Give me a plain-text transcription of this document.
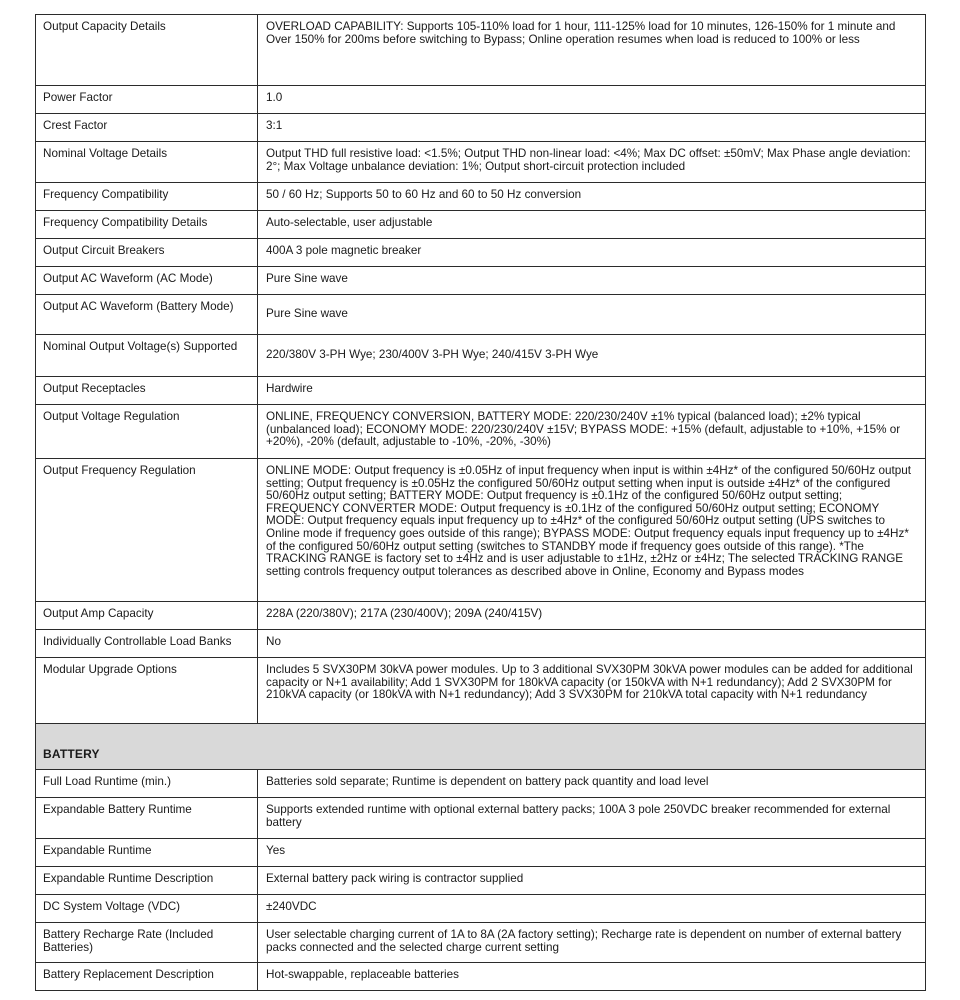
Output Capacity Details	OVERLOAD CAPABILITY: Supports 105-110% load for 1 hour, 111-125% load for 10 minutes, 126-150% for 1 minute and Over 150% for 200ms before switching to Bypass; Online operation resumes when load is reduced to 100% or less
Power Factor	1.0
Crest Factor	3:1
Nominal Voltage Details	Output THD full resistive load: <1.5%; Output THD non-linear load: <4%; Max DC offset: ±50mV; Max Phase angle deviation: 2°; Max Voltage unbalance deviation: 1%; Output short-circuit protection included
Frequency Compatibility	50 / 60 Hz; Supports 50 to 60 Hz and 60 to 50 Hz conversion
Frequency Compatibility Details	Auto-selectable, user adjustable
Output Circuit Breakers	400A 3 pole magnetic breaker
Output AC Waveform (AC Mode)	Pure Sine wave
Output AC Waveform (Battery Mode)	Pure Sine wave
Nominal Output Voltage(s) Supported	220/380V 3-PH Wye; 230/400V 3-PH Wye; 240/415V 3-PH Wye
Output Receptacles	Hardwire
Output Voltage Regulation	ONLINE, FREQUENCY CONVERSION, BATTERY MODE: 220/230/240V ±1% typical (balanced load); ±2% typical (unbalanced load); ECONOMY MODE: 220/230/240V ±15V; BYPASS MODE: +15% (default, adjustable to +10%, +15% or +20%), -20% (default, adjustable to -10%, -20%, -30%)
Output Frequency Regulation	ONLINE MODE: Output frequency is ±0.05Hz of input frequency when input is within ±4Hz* of the configured 50/60Hz output setting; Output frequency is ±0.05Hz the configured 50/60Hz output setting when input is outside ±4Hz* of the configured 50/60Hz output setting; BATTERY MODE: Output frequency is ±0.1Hz of the configured 50/60Hz output setting; FREQUENCY CONVERTER MODE: Output frequency is ±0.1Hz of the configured 50/60Hz output setting; ECONOMY MODE: Output frequency equals input frequency up to ±4Hz* of the configured 50/60Hz output setting (UPS switches to Online mode if frequency goes outside of this range); BYPASS MODE: Output frequency equals input frequency up to ±4Hz* of the configured 50/60Hz output setting (switches to STANDBY mode if frequency goes outside of this range). *The TRACKING RANGE is factory set to ±4Hz and is user adjustable to ±1Hz, ±2Hz or ±4Hz; The selected TRACKING RANGE setting controls frequency output tolerances as described above in Online, Economy and Bypass modes
Output Amp Capacity	228A (220/380V); 217A (230/400V); 209A (240/415V)
Individually Controllable Load Banks	No
Modular Upgrade Options	Includes 5 SVX30PM 30kVA power modules. Up to 3 additional SVX30PM 30kVA power modules can be added for additional capacity or N+1 availability; Add 1 SVX30PM for 180kVA capacity (or 150kVA with N+1 redundancy); Add 2 SVX30PM for 210kVA capacity (or 180kVA with N+1 redundancy); Add 3 SVX30PM for 210kVA total capacity with N+1 redundancy
BATTERY	
Full Load Runtime (min.)	Batteries sold separate; Runtime is dependent on battery pack quantity and load level
Expandable Battery Runtime	Supports extended runtime with optional external battery packs; 100A 3 pole 250VDC breaker recommended for external battery
Expandable Runtime	Yes
Expandable Runtime Description	External battery pack wiring is contractor supplied
DC System Voltage (VDC)	±240VDC
Battery Recharge Rate (Included Batteries)	User selectable charging current of 1A to 8A (2A factory setting); Recharge rate is dependent on number of external battery packs connected and the selected charge current setting
Battery Replacement Description	Hot-swappable, replaceable batteries
